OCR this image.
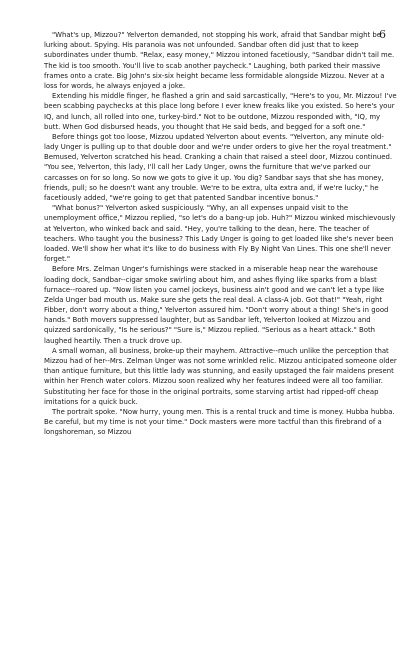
6

"What's up, Mizzou?" Yelverton demanded, not stopping his work, afraid that Sandbar might be lurking about. Spying. His paranoia was not unfounded. Sandbar often did just that to keep subordinates under thumb. "Relax, easy money," Mizzou intoned facetiously, "Sandbar didn't tail me. The kid is too smooth. You'll live to scab another paycheck." Laughing, both parked their massive frames onto a crate. Big John's six-six height became less formidable alongside Mizzou. Never at a loss for words, he always enjoyed a joke.

Extending his middle finger, he flashed a grin and said sarcastically, "Here's to you, Mr. Mizzou! I've been scabbing paychecks at this place long before I ever knew freaks like you existed. So here's your IQ, and lunch, all rolled into one, turkey-bird." Not to be outdone, Mizzou responded with, "IQ, my butt. When God disbursed heads, you thought that He said beds, and begged for a soft one."

Before things got too loose, Mizzou updated Yelverton about events. "Yelverton, any minute old-lady Unger is pulling up to that double door and we're under orders to give her the royal treatment." Bemused, Yelverton scratched his head. Cranking a chain that raised a steel door, Mizzou continued. "You see, Yelverton, this lady, I'll call her Lady Unger, owns the furniture that we've parked our carcasses on for so long. So now we gots to give it up. You dig? Sandbar says that she has money, friends, pull; so he doesn't want any trouble. We're to be extra, ulta extra and, if we're lucky," he facetiously added, "we're going to get that patented Sandbar incentive bonus."

"What bonus?" Yelverton asked suspiciously. "Why, an all expenses unpaid visit to the unemployment office," Mizzou replied, "so let's do a bang-up job. Huh?" Mizzou winked mischievously at Yelverton, who winked back and said. "Hey, you're talking to the dean, here. The teacher of teachers. Who taught you the business? This Lady Unger is going to get loaded like she's never been loaded. We'll show her what it's like to do business with Fly By Night Van Lines. This one she'll never forget."

Before Mrs. Zelman Unger's furnishings were stacked in a miserable heap near the warehouse loading dock, Sandbar--cigar smoke swirling about him, and ashes flying like sparks from a blast furnace--roared up. "Now listen you camel jockeys, business ain't good and we can't let a type like Zelda Unger bad mouth us. Make sure she gets the real deal. A class-A job. Got that!" "Yeah, right Fibber, don't worry about a thing," Yelverton assured him. "Don't worry about a thing! She's in good hands." Both movers suppressed laughter, but as Sandbar left, Yelverton looked at Mizzou and quizzed sardonically, "Is he serious?" "Sure is," Mizzou replied. "Serious as a heart attack." Both laughed heartily. Then a truck drove up.

A small woman, all business, broke-up their mayhem. Attractive--much unlike the perception that Mizzou had of her--Mrs. Zelman Unger was not some wrinkled relic. Mizzou anticipated someone older than antique furniture, but this little lady was stunning, and easily upstaged the fair maidens present within her French water colors. Mizzou soon realized why her features indeed were all too familiar. Substituting her face for those in the original portraits, some starving artist had ripped-off cheap imitations for a quick buck.

The portrait spoke. "Now hurry, young men. This is a rental truck and time is money. Hubba hubba. Be careful, but my time is not your time." Dock masters were more tactful than this firebrand of a longshoreman, so Mizzou
